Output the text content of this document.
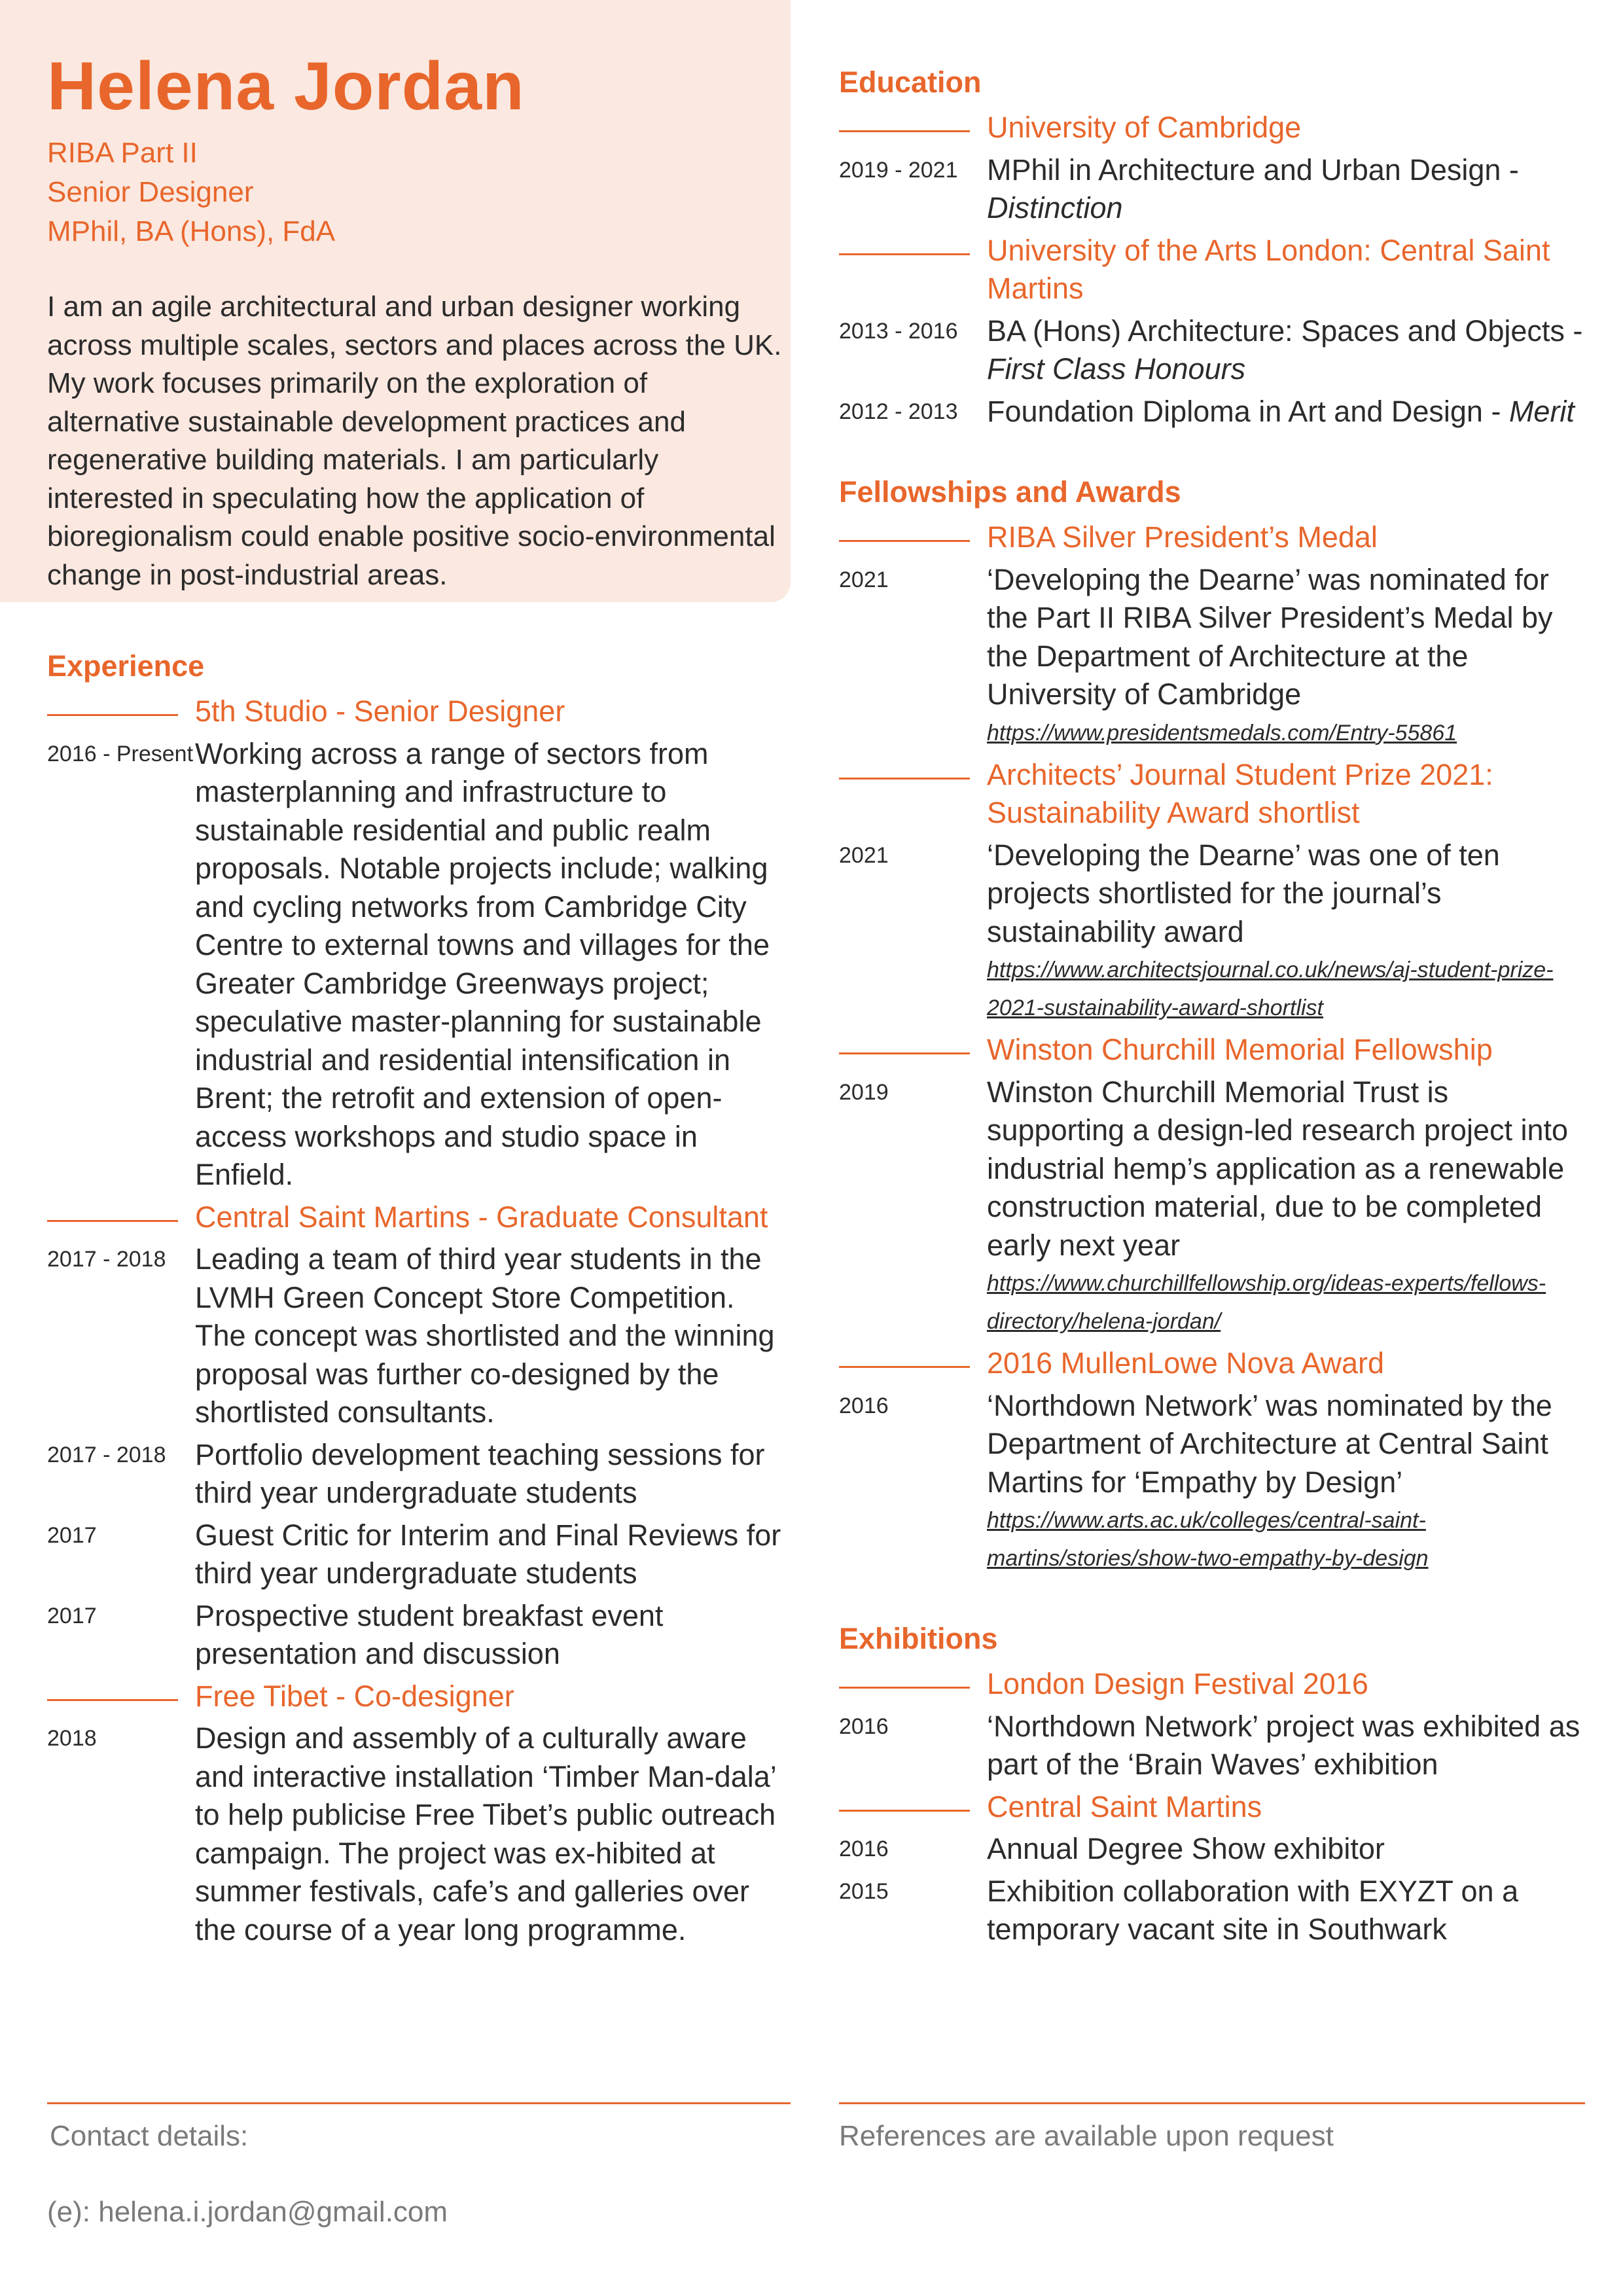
Helena Jordan
RIBA Part II
Senior Designer
MPhil, BA (Hons), FdA

I am an agile architectural and urban designer working across multiple scales, sectors and places across the UK. My work focuses primarily on the exploration of alternative sustainable development practices and regenerative building materials. I am particularly interested in speculating how the application of bioregionalism could enable positive socio-environmental change in post-industrial areas.

Experience
5th Studio - Senior Designer
2016 - Present Working across a range of sectors from masterplanning and infrastructure to sustainable residential and public realm proposals. Notable projects include; walking and cycling networks from Cambridge City Centre to external towns and villages for the Greater Cambridge Greenways project; speculative master-planning for sustainable industrial and residential intensification in Brent; the retrofit and extension of open-access workshops and studio space in Enfield.
Central Saint Martins - Graduate Consultant
2017 - 2018 Leading a team of third year students in the LVMH Green Concept Store Competition. The concept was shortlisted and the winning proposal was further co-designed by the shortlisted consultants.
2017 - 2018 Portfolio development teaching sessions for third year undergraduate students
2017	Guest Critic for Interim and Final Reviews for third year undergraduate students
2017	Prospective student breakfast event presentation and discussion
Free Tibet - Co-designer
2018	Design and assembly of a culturally aware and interactive installation ‘Timber Man-dala’ to help publicise Free Tibet’s public outreach campaign. The project was ex-hibited at summer festivals, cafe’s and galleries over the course of a year long programme.
Education
University of Cambridge
2019 - 2021 MPhil in Architecture and Urban Design - Distinction
University of the Arts London: Central Saint Martins
2013 - 2016 BA (Hons) Architecture: Spaces and Objects - First Class Honours
2012 - 2013 Foundation Diploma in Art and Design - Merit
Fellowships and Awards
RIBA Silver President’s Medal
2021	‘Developing the Dearne’ was nominated for the Part II RIBA Silver President’s Medal by the Department of Architecture at the University of Cambridge
https://www.presidentsmedals.com/Entry-55861
Architects’ Journal Student Prize 2021: Sustainability Award shortlist
2021	‘Developing the Dearne’ was one of ten projects shortlisted for the journal’s sustainability award
https://www.architectsjournal.co.uk/news/aj-student-prize-2021-sustainability-award-shortlist
Winston Churchill Memorial Fellowship
2019	Winston Churchill Memorial Trust is supporting a design-led research project into industrial hemp’s application as a renewable construction material, due to be completed early next year
https://www.churchillfellowship.org/ideas-experts/fellows-directory/helena-jordan/
2016 MullenLowe Nova Award
2016	‘Northdown Network’ was nominated by the Department of Architecture at Central Saint Martins for ‘Empathy by Design’
https://www.arts.ac.uk/colleges/central-saint-martins/stories/show-two-empathy-by-design
Exhibitions
London Design Festival 2016
2016	‘Northdown Network’ project was exhibited as part of the ‘Brain Waves’ exhibition
Central Saint Martins
2016	Annual Degree Show exhibitor
2015	Exhibition collaboration with EXYZT on a temporary vacant site in Southwark
Contact details:
(e): helena.i.jordan@gmail.com
References are available upon request
